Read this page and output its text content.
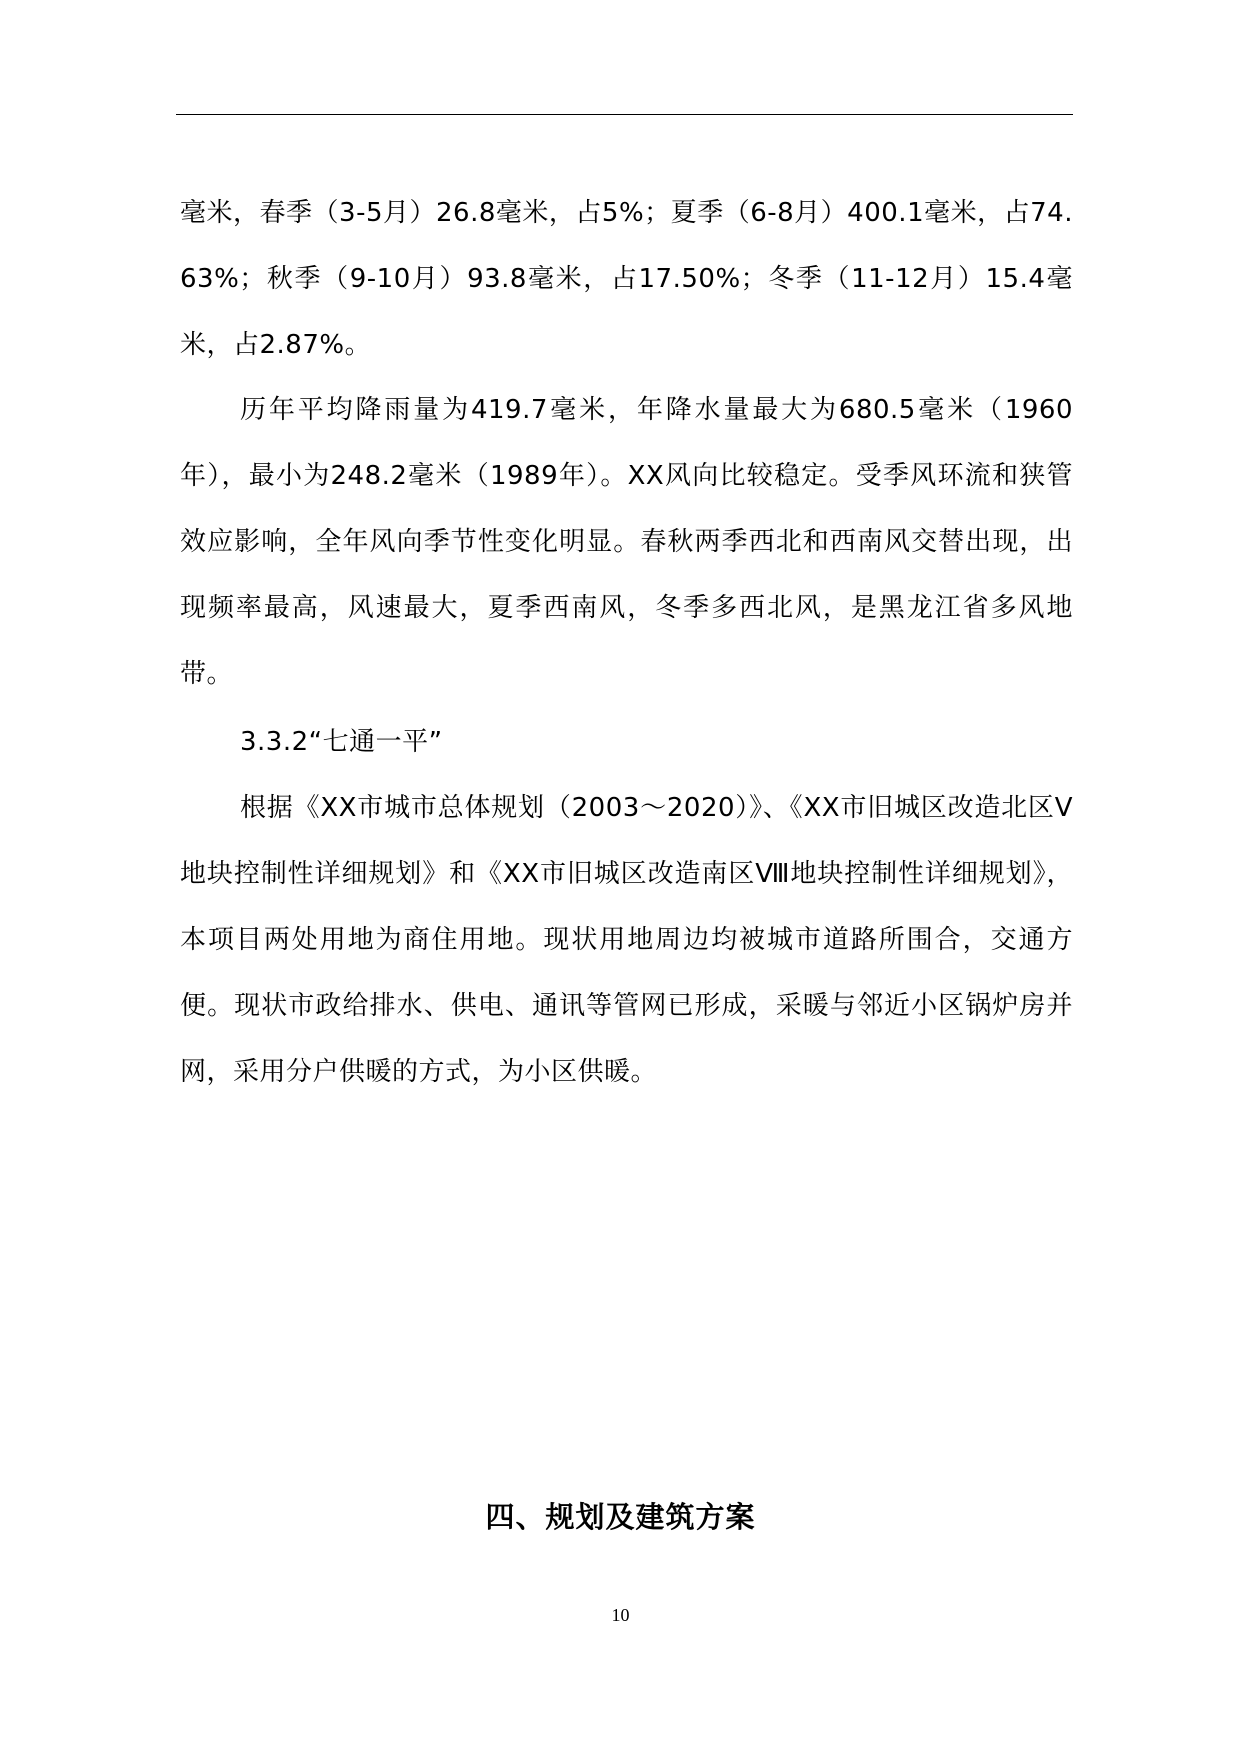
毫米，春季（3-5月）26.8毫米，占5%；夏季（6-8月）400.1毫米，占74.63%；秋季（9-10月）93.8毫米，占17.50%；冬季（11-12月）15.4毫米，占2.87%。

历年平均降雨量为419.7毫米，年降水量最大为680.5毫米（1960年），最小为248.2毫米（1989年）。XX风向比较稳定。受季风环流和狭管效应影响，全年风向季节性变化明显。春秋两季西北和西南风交替出现，出现频率最高，风速最大，夏季西南风，冬季多西北风，是黑龙江省多风地带。

3.3.2“七通一平”

根据《XX市城市总体规划（2003～2020）》、《XX市旧城区改造北区Ⅴ地块控制性详细规划》和《XX市旧城区改造南区Ⅷ地块控制性详细规划》，本项目两处用地为商住用地。现状用地周边均被城市道路所围合，交通方便。现状市政给排水、供电、通讯等管网已形成，采暖与邻近小区锅炉房并网，采用分户供暖的方式，为小区供暖。

四、规划及建筑方案
10
